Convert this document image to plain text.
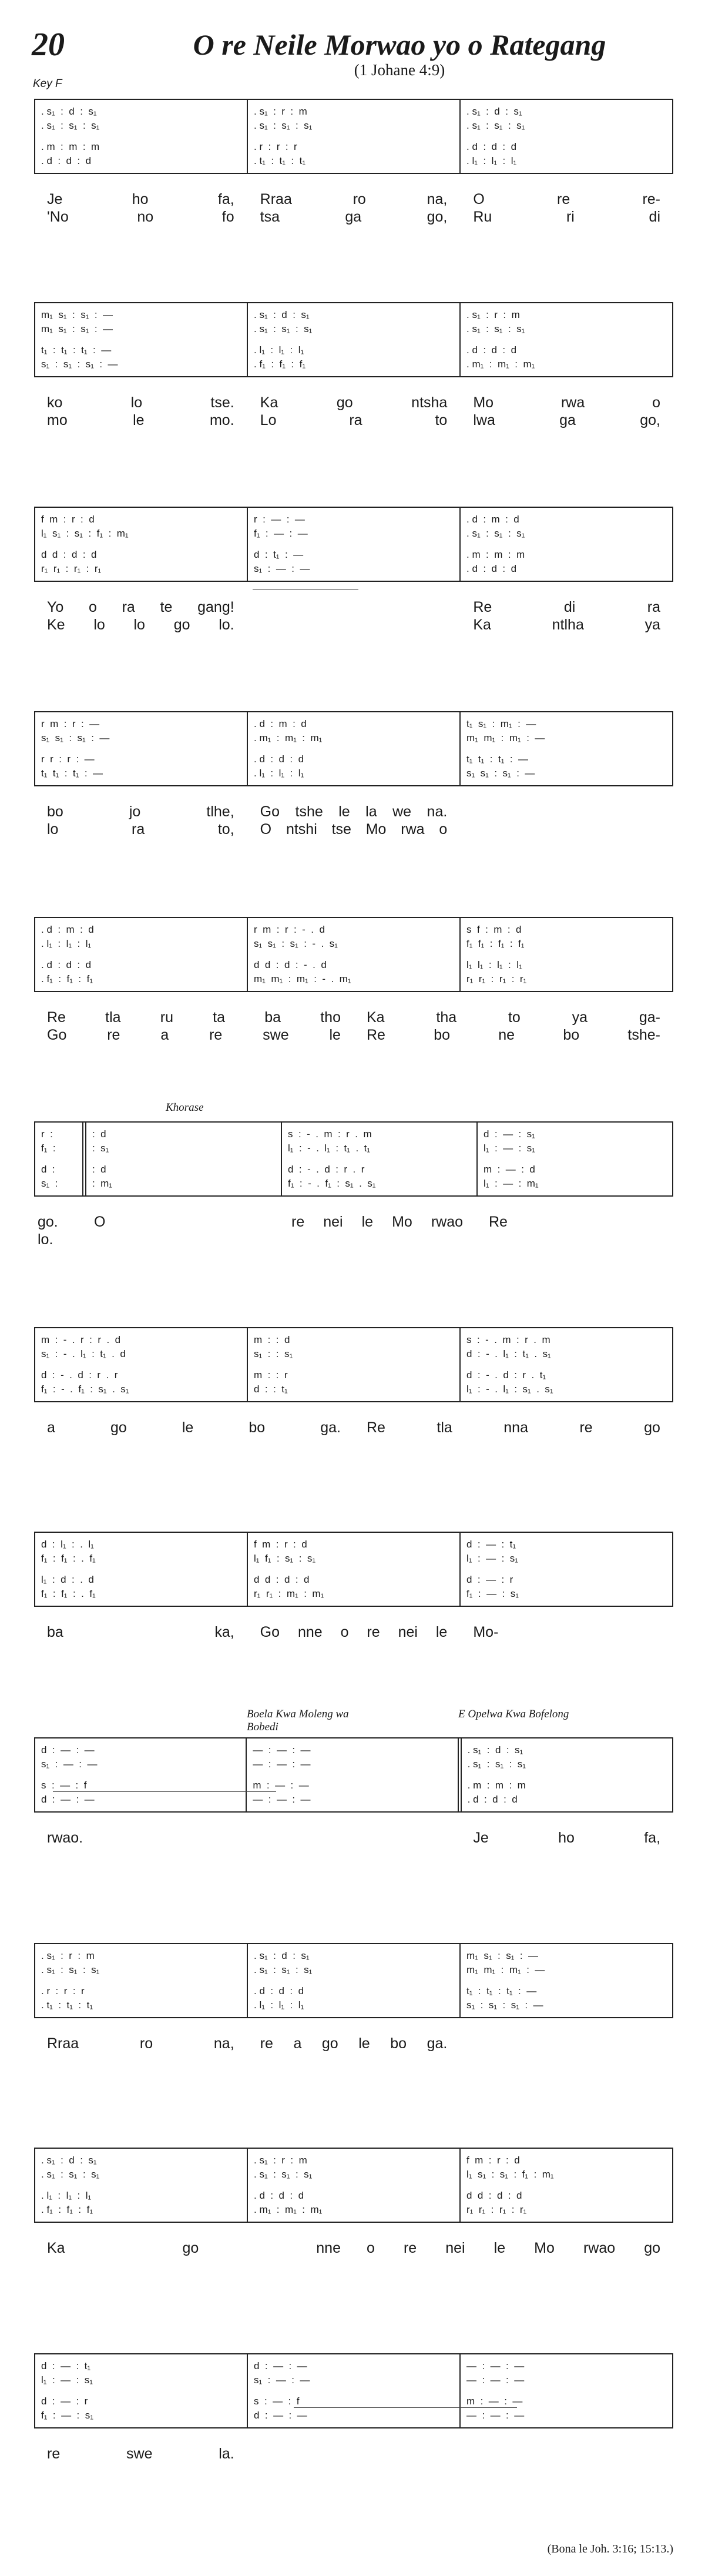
20	O re Neile Morwao yo o Rategang
(1 Johane 4:9)
Key F
. s₁  :  d  :  s₁
. s₁  :  s₁  :  s₁
. m  :  m  :  m
. d  :  d  :  d
. s₁  :  r  :  m
. s₁  :  s₁  :  s₁
. r  :  r  :  r
. t₁  :  t₁  :  t₁
. s₁  :  d  :  s₁
. s₁  :  s₁  :  s₁
. d  :  d  :  d
. l₁  :  l₁  :  l₁
Je	ho	fa, Rraa	ro	na, O	re	re-
'No	no	fo tsa	ga	go, Ru	ri	di
m₁  s₁  :  s₁  :  —
m₁  s₁  :  s₁  :  —
t₁  :  t₁  :  t₁  :  —
s₁  :  s₁  :  s₁  :  —
. s₁  :  d  :  s₁
. s₁  :  s₁  :  s₁
. l₁  :  l₁  :  l₁
. f₁  :  f₁  :  f₁
. s₁  :  r  :  m
. s₁  :  s₁  :  s₁
. d  :  d  :  d
. m₁  :  m₁  :  m₁
ko	lo	tse. Ka	go	ntsha Mo	rwa	o
mo	le	mo. Lo	ra	to lwa	ga	go,
f  m  :  r  :  d
l₁  s₁  :  s₁  :  f₁  :  m₁
d  d  :  d  :  d
r₁  r₁  :  r₁  :  r₁
r  :  —  :  —
f₁  :  —  :  —
d  :  t₁  :  —
s₁  :  —  :  —
. d  :  m  :  d
. s₁  :  s₁  :  s₁
. m  :  m  :  m
. d  :  d  :  d
Yo o ra te gang!	Re	di	ra
Ke lo lo go lo.	Ka	ntlha	ya
r  m  :  r  :  —
s₁  s₁  :  s₁  :  —
r  r  :  r  :  —
t₁  t₁  :  t₁  :  —
. d  :  m  :  d
. m₁  :  m₁  :  m₁
. d  :  d  :  d
. l₁  :  l₁  :  l₁
t₁  s₁  :  m₁  :  —
m₁  m₁  :  m₁  :  —
t₁  t₁  :  t₁  :  —
s₁  s₁  :  s₁  :  —
bo	jo	tlhe, Go tshe le la we na.
lo	ra	to, O ntshi tse Mo rwa o
. d  :  m  :  d
. l₁  :  l₁  :  l₁
. d  :  d  :  d
. f₁  :  f₁  :  f₁
r  m  :  r  :  -  .  d
s₁  s₁  :  s₁  :  -  .  s₁
d  d  :  d  :  -  .  d
m₁  m₁  :  m₁  :  -  .  m₁
s  f  :  m  :  d
f₁  f₁  :  f₁  :  f₁
l₁  l₁  :  l₁  :  l₁
r₁  r₁  :  r₁  :  r₁
Re	tla	ru	ta	ba	tho Ka	tha	to	ya	ga-
Go	re	a	re	swe	le Re	bo	ne	bo	tshe-
r  :
f₁  :
d  :
s₁  :
:  d
:  s₁
:  d
:  m₁
s  :  -  .  m  :  r  .  m
l₁  :  -  .  l₁  :  t₁  .  t₁
d  :  -  .  d  :  r  .  r
f₁  :  -  .  f₁  :  s₁  .  s₁
d  :  —  :  s₁
l₁  :  —  :  s₁
m  :  —  :  d
l₁  :  —  :  m₁
go. O	re nei le Mo rwao Re
lo.
m  :  -  .  r  :  r  .  d
s₁  :  -  .  l₁  :  t₁  .  d
d  :  -  .  d  :  r  .  r
f₁  :  -  .  f₁  :  s₁  .  s₁
m  :  :  d
s₁  :  :  s₁
m  :  :  r
d  :  :  t₁
s  :  -  .  m  :  r  .  m
d  :  -  .  l₁  :  t₁  .  s₁
d  :  -  .  d  :  r  .  t₁
l₁  :  -  .  l₁  :  s₁  .  s₁
a	go	le	bo	ga. Re	tla	nna	re	go
d  :  l₁  :  .  l₁
f₁  :  f₁  :  .  f₁
l₁  :  d  :  .  d
f₁  :  f₁  :  .  f₁
f  m  :  r  :  d
l₁  f₁  :  s₁  :  s₁
d  d  :  d  :  d
r₁  r₁  :  m₁  :  m₁
d  :  —  :  t₁
l₁  :  —  :  s₁
d  :  —  :  r
f₁  :  —  :  s₁
ba	ka, Go nne o re nei le Mo-
d  :  —  :  —
s₁  :  —  :  —
s  :  —  :  f
d  :  —  :  —
—  :  —  :  —
—  :  —  :  —
m  :  —  :  —
—  :  —  :  —
. s₁  :  d  :  s₁
. s₁  :  s₁  :  s₁
. m  :  m  :  m
. d  :  d  :  d
rwao.	Je	ho	fa,
. s₁  :  r  :  m
. s₁  :  s₁  :  s₁
. r  :  r  :  r
. t₁  :  t₁  :  t₁
. s₁  :  d  :  s₁
. s₁  :  s₁  :  s₁
. d  :  d  :  d
. l₁  :  l₁  :  l₁
m₁  s₁  :  s₁  :  —
m₁  m₁  :  m₁  :  —
t₁  :  t₁  :  t₁  :  —
s₁  :  s₁  :  s₁  :  —
Rraa	ro	na, re a go le bo ga.
. s₁  :  d  :  s₁
. s₁  :  s₁  :  s₁
. l₁  :  l₁  :  l₁
. f₁  :  f₁  :  f₁
. s₁  :  r  :  m
. s₁  :  s₁  :  s₁
. d  :  d  :  d
. m₁  :  m₁  :  m₁
f  m  :  r  :  d
l₁  s₁  :  s₁  :  f₁  :  m₁
d  d  :  d  :  d
r₁  r₁  :  r₁  :  r₁
Ka	go	nne o re nei le Mo rwao go
d  :  —  :  t₁
l₁  :  —  :  s₁
d  :  —  :  r
f₁  :  —  :  s₁
d  :  —  :  —
s₁  :  —  :  —
s  :  —  :  f
d  :  —  :  —
—  :  —  :  —
—  :  —  :  —
m  :  —  :  —
—  :  —  :  —
re	swe	la.
Khorase
Boela Kwa Moleng wa Bobedi
E Opelwa Kwa Bofelong
(Bona le Joh. 3:16; 15:13.)
